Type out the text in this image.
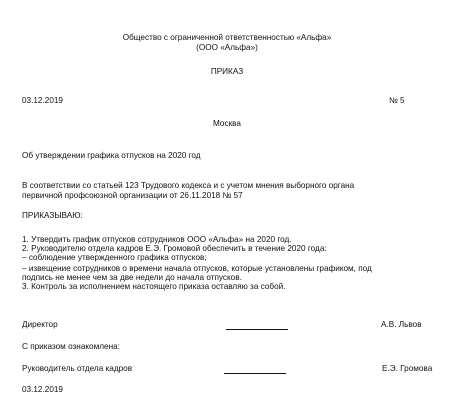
Общество с ограниченной ответственностью «Альфа»
(ООО «Альфа»)
ПРИКАЗ
03.12.2019	№ 5
Москва
Об утверждении графика отпусков на 2020 год
В соответствии со статьей 123 Трудового кодекса и с учетом мнения выборного органа
первичной профсоюзной организации от 26.11.2018 № 57
ПРИКАЗЫВАЮ:
1. Утвердить график отпусков сотрудников ООО «Альфа» на 2020 год.
2. Руководителю отдела кадров Е.Э. Громовой обеспечить в течение 2020 года:
– соблюдение утвержденного графика отпусков;
– извещение сотрудников о времени начала отпусков, которые установлены графиком, под
подпись не менее чем за две недели до начала отпусков.
3. Контроль за исполнением настоящего приказа оставляю за собой.
Директор	А.В. Львов
С приказом ознакомлена:
Руководитель отдела кадров	Е.Э. Громова
03.12.2019
